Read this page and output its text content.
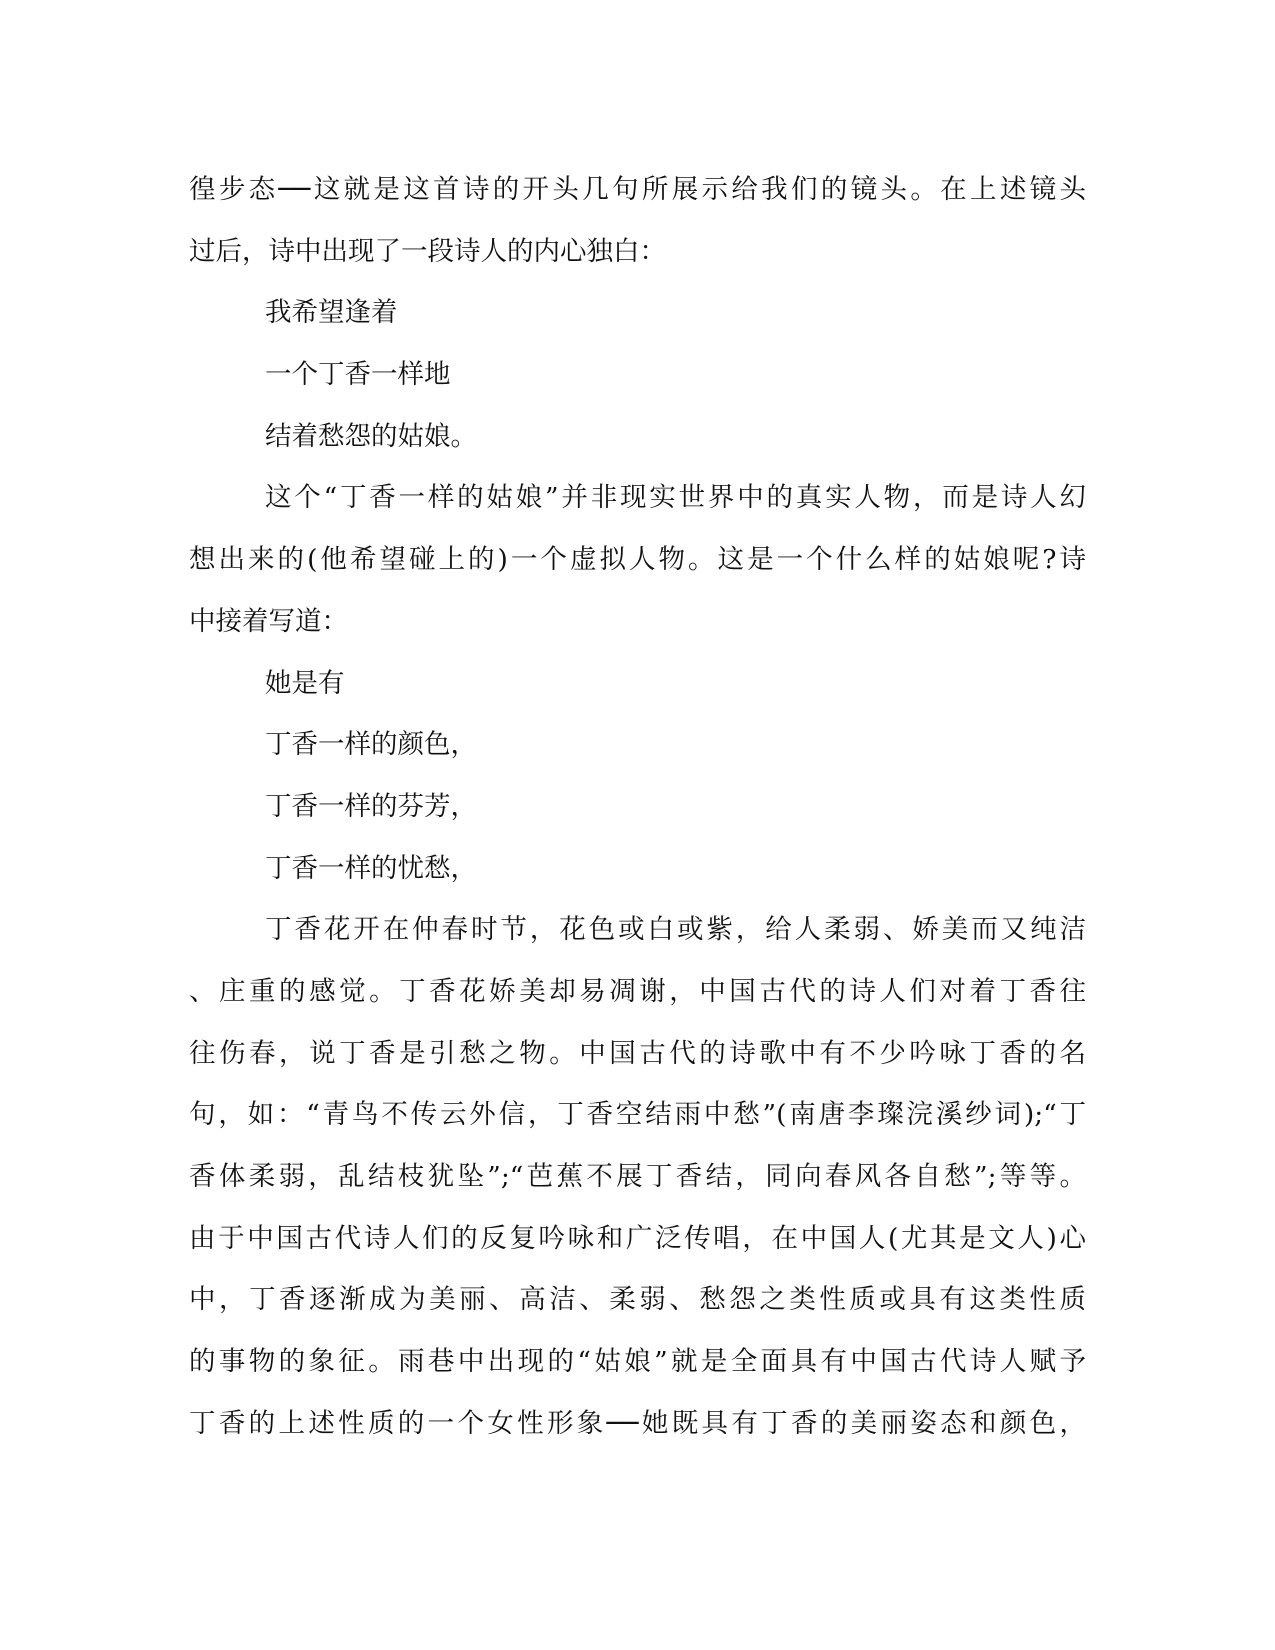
徨步态──这就是这首诗的开头几句所展示给我们的镜头。在上述镜头
过后，诗中出现了一段诗人的内心独白：
我希望逢着
一个丁香一样地
结着愁怨的姑娘。
这个“丁香一样的姑娘”并非现实世界中的真实人物，而是诗人幻
想出来的(他希望碰上的)一个虚拟人物。这是一个什么样的姑娘呢?诗
中接着写道：
她是有
丁香一样的颜色，
丁香一样的芬芳，
丁香一样的忧愁，
丁香花开在仲春时节，花色或白或紫，给人柔弱、娇美而又纯洁
、庄重的感觉。丁香花娇美却易凋谢，中国古代的诗人们对着丁香往
往伤春，说丁香是引愁之物。中国古代的诗歌中有不少吟咏丁香的名
句，如：“青鸟不传云外信，丁香空结雨中愁”(南唐李璨浣溪纱词);“丁
香体柔弱，乱结枝犹坠”;“芭蕉不展丁香结，同向春风各自愁”;等等。
由于中国古代诗人们的反复吟咏和广泛传唱，在中国人(尤其是文人)心
中，丁香逐渐成为美丽、高洁、柔弱、愁怨之类性质或具有这类性质
的事物的象征。雨巷中出现的“姑娘”就是全面具有中国古代诗人赋予
丁香的上述性质的一个女性形象──她既具有丁香的美丽姿态和颜色，
